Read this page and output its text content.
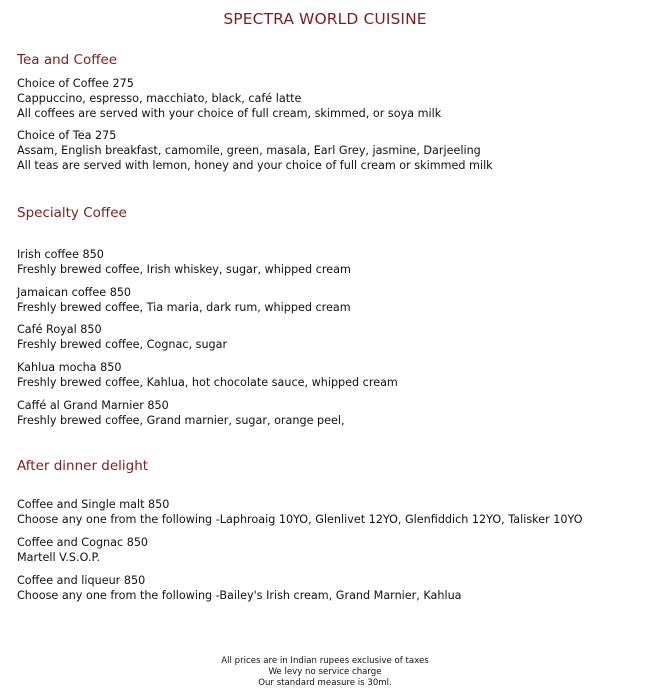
SPECTRA WORLD CUISINE
Tea and Coffee
Choice of Coffee 275
Cappuccino, espresso, macchiato, black, café latte
All coffees are served with your choice of full cream, skimmed, or soya milk
Choice of Tea 275
Assam, English breakfast, camomile, green, masala, Earl Grey, jasmine, Darjeeling
All teas are served with lemon, honey and your choice of full cream or skimmed milk
Specialty Coffee
Irish coffee 850
Freshly brewed coffee, Irish whiskey, sugar, whipped cream
Jamaican coffee 850
Freshly brewed coffee, Tia maria, dark rum, whipped cream
Café Royal 850
Freshly brewed coffee, Cognac, sugar
Kahlua mocha 850
Freshly brewed coffee, Kahlua, hot chocolate sauce, whipped cream
Caffé al Grand Marnier 850
Freshly brewed coffee, Grand marnier, sugar, orange peel,
After dinner delight
Coffee and Single malt 850
Choose any one from the following -Laphroaig 10YO, Glenlivet 12YO, Glenfiddich 12YO, Talisker 10YO
Coffee and Cognac 850
Martell V.S.O.P.
Coffee and liqueur 850
Choose any one from the following -Bailey's Irish cream, Grand Marnier, Kahlua
All prices are in Indian rupees exclusive of taxes
We levy no service charge
Our standard measure is 30ml.
